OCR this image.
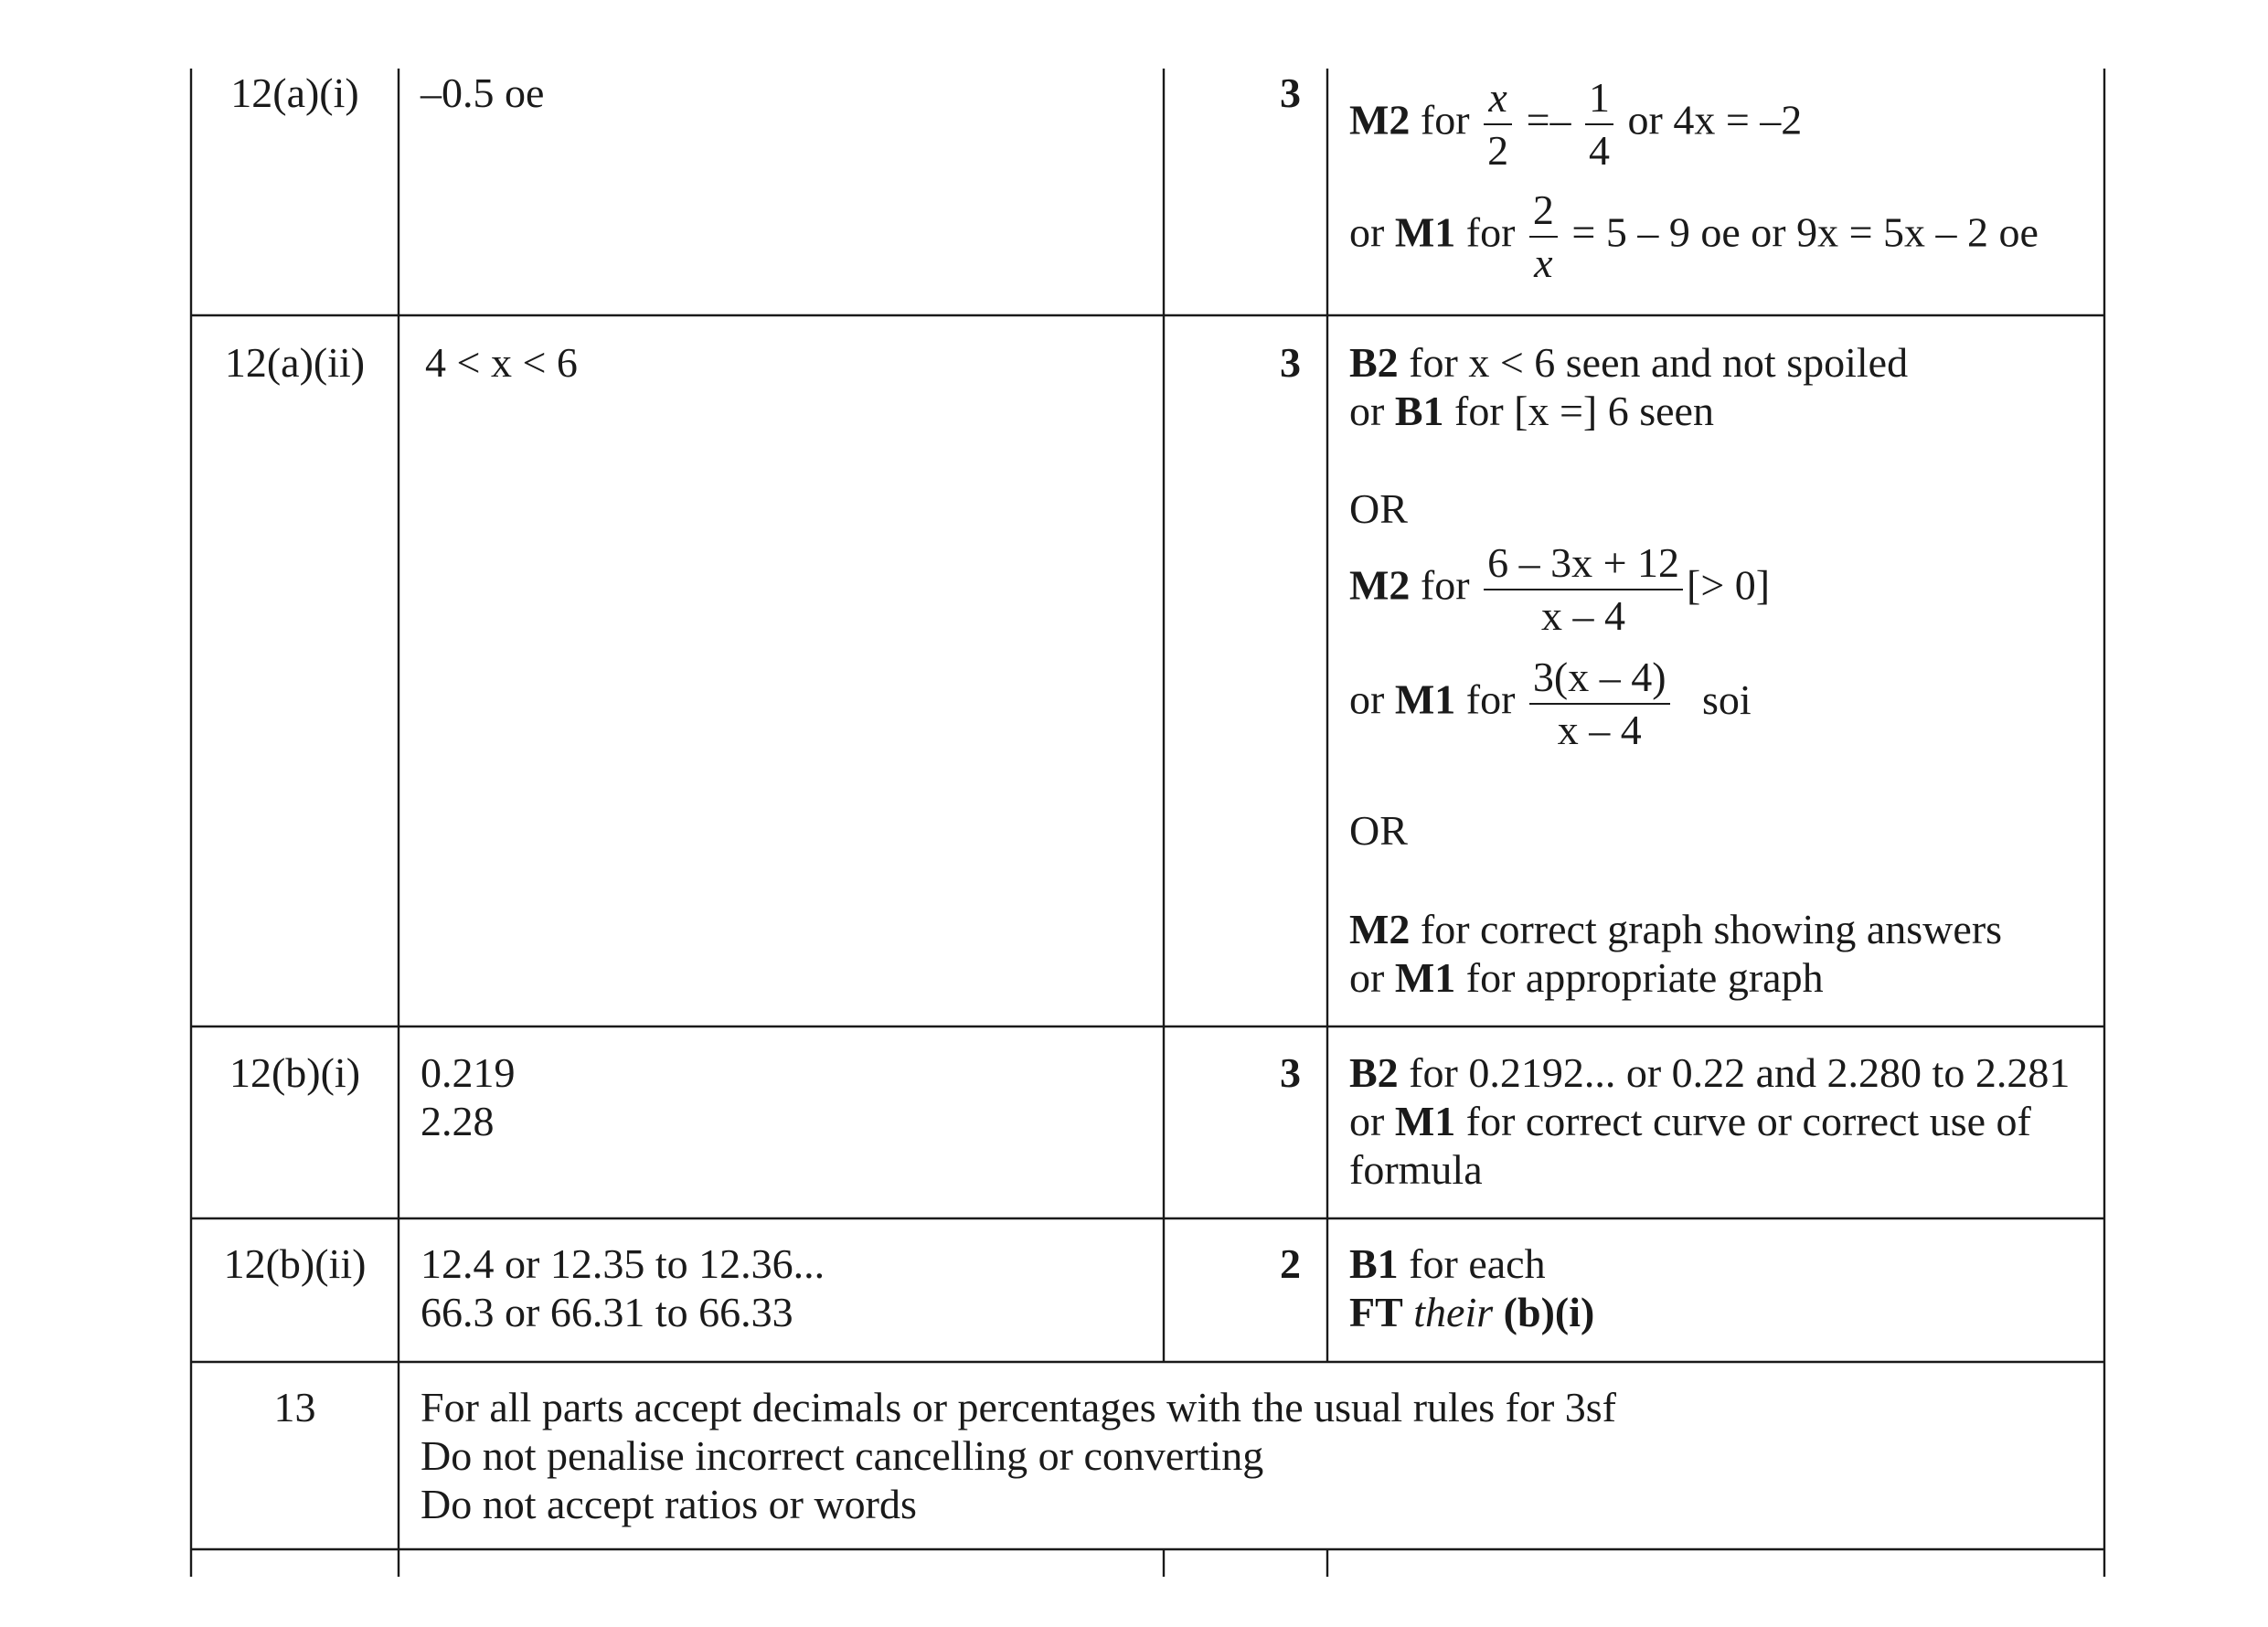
12(a)(i)	–0.5 oe	3
M2 for $\frac{x}{2} =- \frac{1}{4}$ or 4x = –2
or M1 for $\frac{2}{x} = 5 - 9$ oe or 9x = 5x – 2 oe
12(a)(ii)	4 < x < 6	3 B2 for x < 6 seen and not spoiled
or B1 for [x =] 6 seen
OR
M2 for $\frac{6 - 3x + 12}{x - 4}$ [> 0]
or M1 for $\frac{3(x - 4)}{x - 4}$ soi
OR
M2 for correct graph showing answers
or M1 for appropriate graph
12(b)(i)	0.219
2.28
3 B2 for 0.2192... or 0.22 and 2.280 to 2.281
or M1 for correct curve or correct use of
formula
12(b)(ii)	12.4 or 12.35 to 12.36...
66.3 or 66.31 to 66.33
2 B1 for each
FT their (b)(i)
13	For all parts accept decimals or percentages with the usual rules for 3sf
Do not penalise incorrect cancelling or converting
Do not accept ratios or words
